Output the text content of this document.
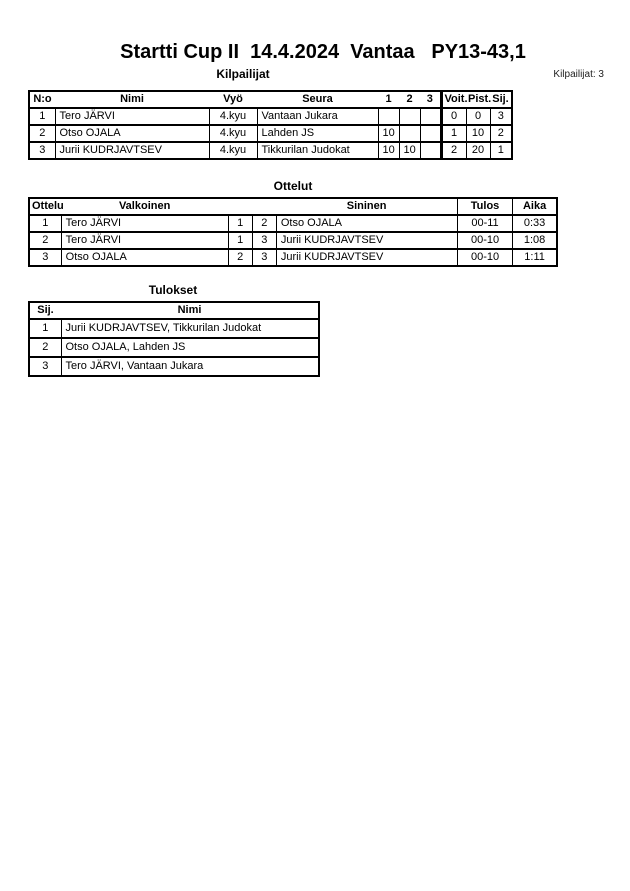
Startti Cup II  14.4.2024  Vantaa   PY13-43,1
Kilpailijat	Kilpailijat: 3
N:o	Nimi	Vyö	Seura	1	2	3	Voit.	Pist.	Sij.
1	Tero JÄRVI	4.kyu	Vantaan Jukara				0	0	3
2	Otso OJALA	4.kyu	Lahden JS	10			1	10	2
3	Jurii KUDRJAVTSEV	4.kyu	Tikkurilan Judokat	10	10		2	20	1
Ottelut
Ottelu	Valkoinen			Sininen	Tulos	Aika
1	Tero JÄRVI	1	2	Otso OJALA	00-11	0:33
2	Tero JÄRVI	1	3	Jurii KUDRJAVTSEV	00-10	1:08
3	Otso OJALA	2	3	Jurii KUDRJAVTSEV	00-10	1:11
Tulokset
Sij.	Nimi
1	Jurii KUDRJAVTSEV, Tikkurilan Judokat
2	Otso OJALA, Lahden JS
3	Tero JÄRVI, Vantaan Jukara
